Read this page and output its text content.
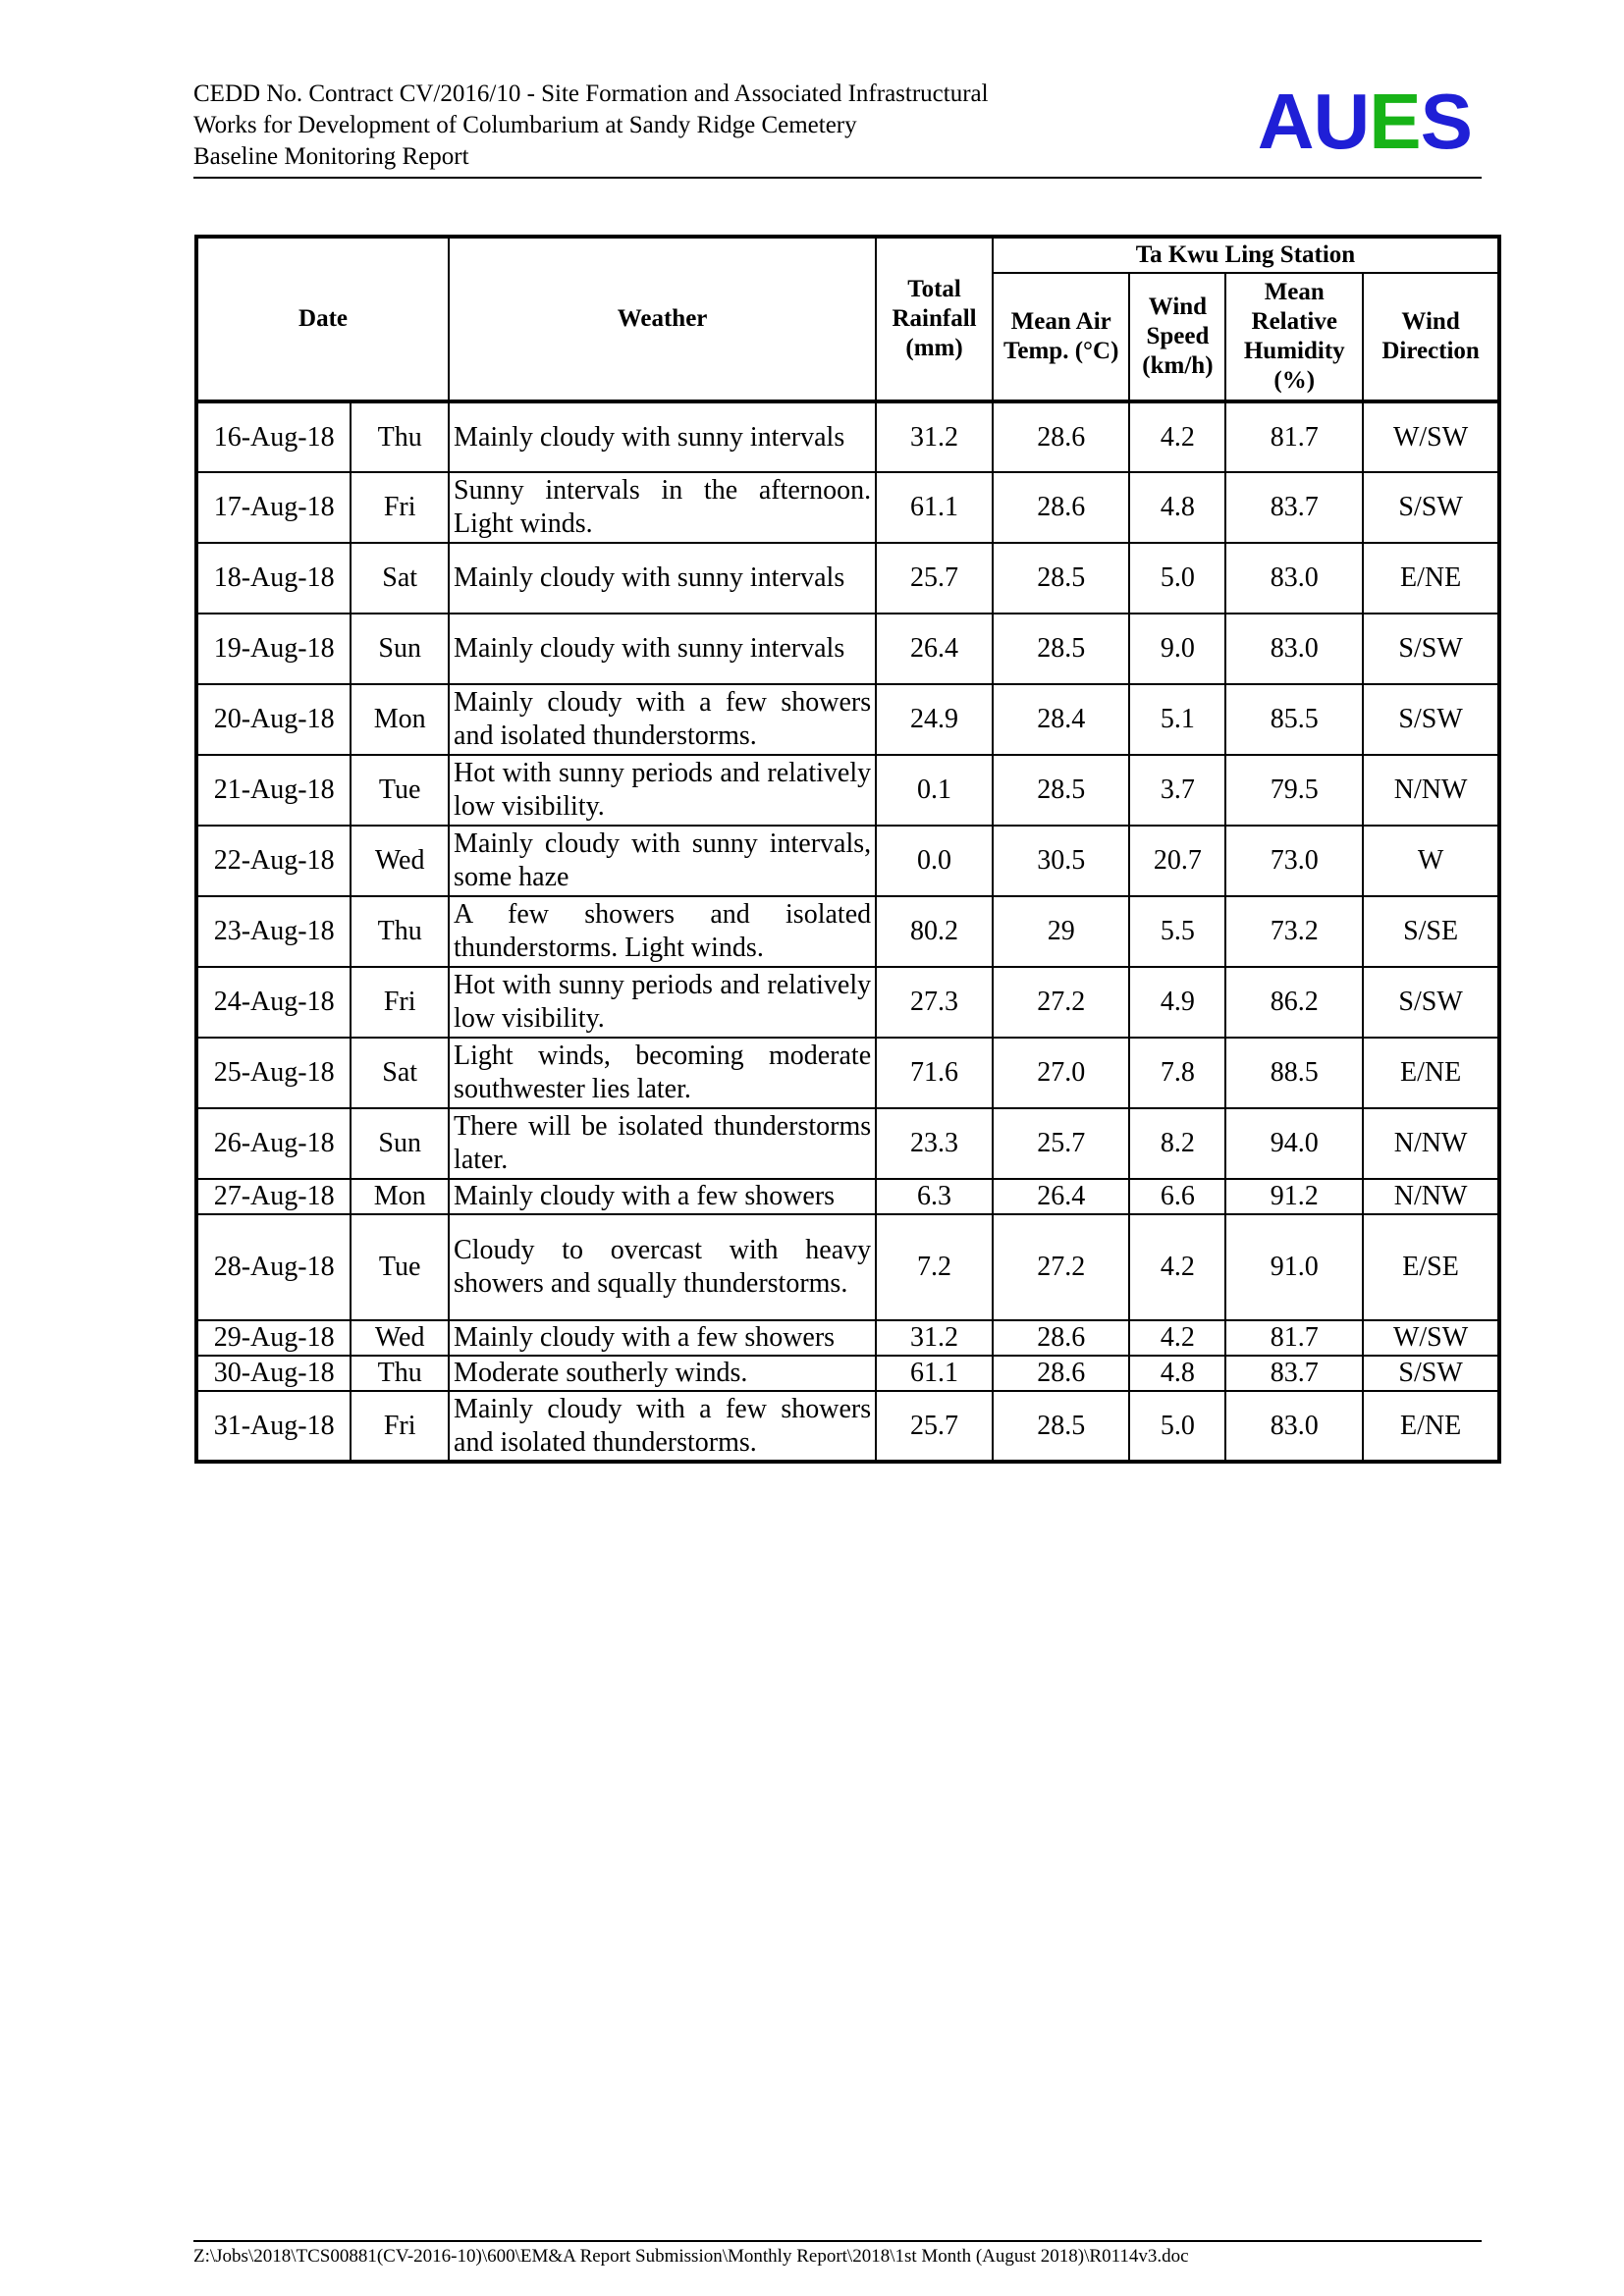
CEDD No. Contract CV/2016/10 - Site Formation and Associated Infrastructural
Works for Development of Columbarium at Sandy Ridge Cemetery
Baseline Monitoring Report	AUES
Date		Weather	Total Rainfall (mm)	Ta Kwu Ling Station			
				Mean Air Temp. (°C)	Wind Speed (km/h)	Mean Relative Humidity (%)	Wind Direction
16-Aug-18	Thu	Mainly cloudy with sunny intervals	31.2	28.6	4.2	81.7	W/SW
17-Aug-18	Fri	Sunny intervals in the afternoon. Light winds.	61.1	28.6	4.8	83.7	S/SW
18-Aug-18	Sat	Mainly cloudy with sunny intervals	25.7	28.5	5.0	83.0	E/NE
19-Aug-18	Sun	Mainly cloudy with sunny intervals	26.4	28.5	9.0	83.0	S/SW
20-Aug-18	Mon	Mainly cloudy with a few showers and isolated thunderstorms.	24.9	28.4	5.1	85.5	S/SW
21-Aug-18	Tue	Hot with sunny periods and relatively low visibility.	0.1	28.5	3.7	79.5	N/NW
22-Aug-18	Wed	Mainly cloudy with sunny intervals, some haze	0.0	30.5	20.7	73.0	W
23-Aug-18	Thu	A few showers and isolated thunderstorms. Light winds.	80.2	29	5.5	73.2	S/SE
24-Aug-18	Fri	Hot with sunny periods and relatively low visibility.	27.3	27.2	4.9	86.2	S/SW
25-Aug-18	Sat	Light winds, becoming moderate southwester lies later.	71.6	27.0	7.8	88.5	E/NE
26-Aug-18	Sun	There will be isolated thunderstorms later.	23.3	25.7	8.2	94.0	N/NW
27-Aug-18	Mon	Mainly cloudy with a few showers	6.3	26.4	6.6	91.2	N/NW
28-Aug-18	Tue	Cloudy to overcast with heavy showers and squally thunderstorms.	7.2	27.2	4.2	91.0	E/SE
29-Aug-18	Wed	Mainly cloudy with a few showers	31.2	28.6	4.2	81.7	W/SW
30-Aug-18	Thu	Moderate southerly winds.	61.1	28.6	4.8	83.7	S/SW
31-Aug-18	Fri	Mainly cloudy with a few showers and isolated thunderstorms.	25.7	28.5	5.0	83.0	E/NE
Z:\Jobs\2018\TCS00881(CV-2016-10)\600\EM&A Report Submission\Monthly Report\2018\1st Month (August 2018)\R0114v3.doc
